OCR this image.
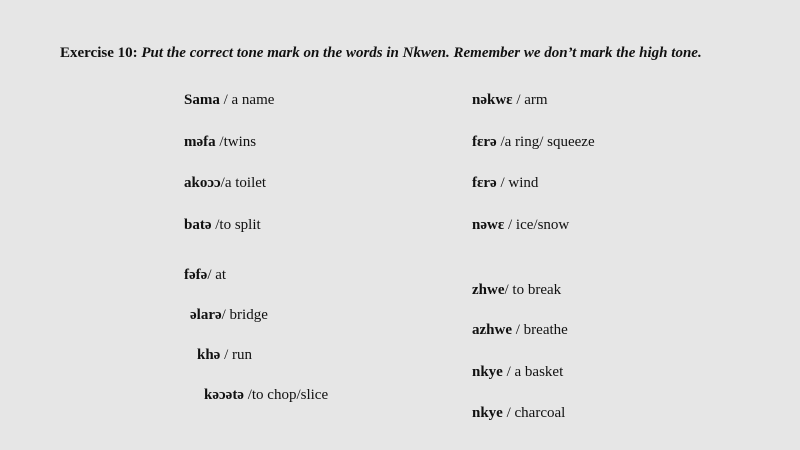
Exercise 10: Put the correct tone mark on the words in Nkwen. Remember we don’t mark the high tone.
Sama / a name
məfa /twins
akoɔɔ/a toilet
batə /to split
fəfə/ at
əlarə/ bridge
khə / run
kəɔətə /to chop/slice
nəkwɛ / arm
fɛrə /a ring/ squeeze
fɛrə / wind
nəwɛ / ice/snow
zhwe/ to break
azhwe / breathe
nkye / a basket
nkye / charcoal
